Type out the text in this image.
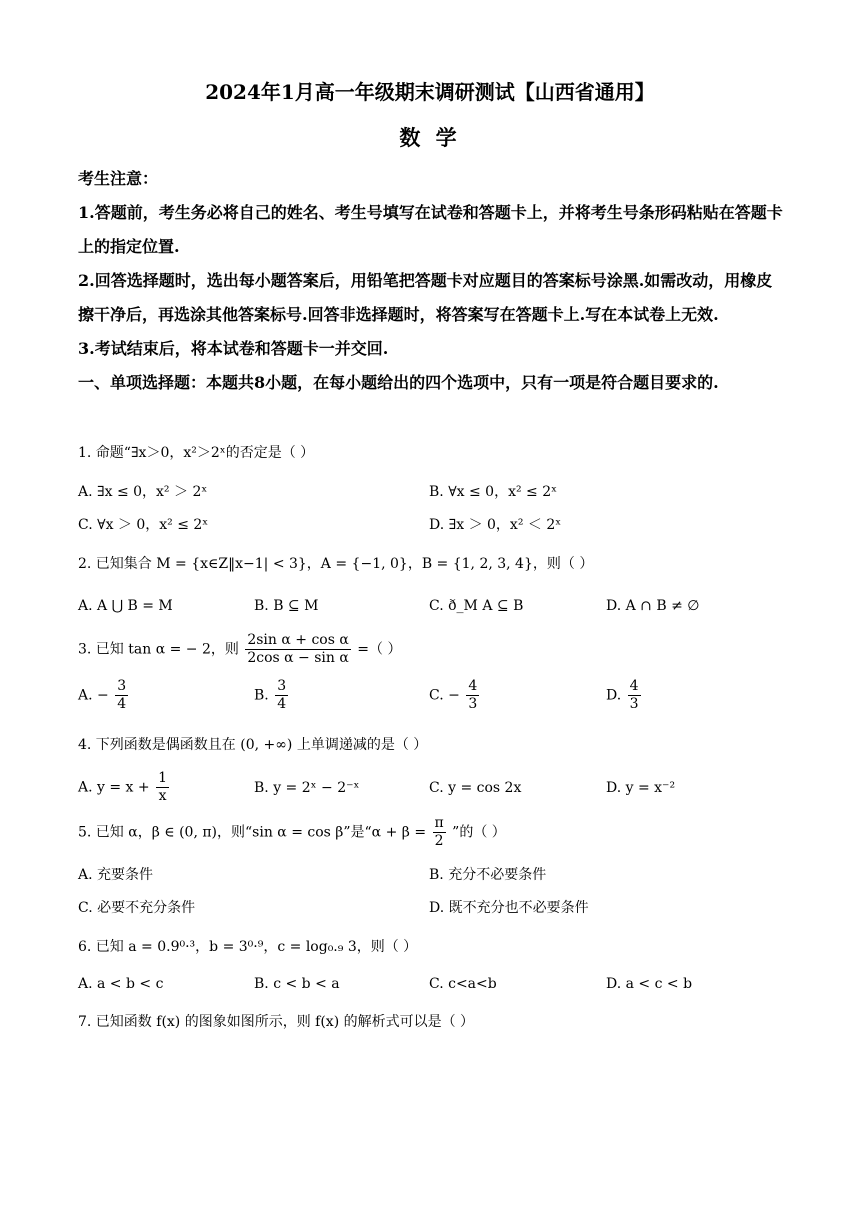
2024年1月高一年级期末调研测试【山西省通用】
数 学

考生注意：

1.答题前，考生务必将自己的姓名、考生号填写在试卷和答题卡上，并将考生号条形码粘贴在答题卡上的指定位置.

2.回答选择题时，选出每小题答案后，用铅笔把答题卡对应题目的答案标号涂黑.如需改动，用橡皮擦干净后，再选涂其他答案标号.回答非选择题时，将答案写在答题卡上.写在本试卷上无效.

3.考试结束后，将本试卷和答题卡一并交回.

一、单项选择题：本题共8小题，在每小题给出的四个选项中，只有一项是符合题目要求的.

1. 命题“∃x＞0，x²＞2ˣ的否定是（ ）
A. ∃x ≤ 0，x² ＞ 2ˣ	B. ∀x ≤ 0，x² ≤ 2ˣ
C. ∀x ＞ 0，x² ≤ 2ˣ	D. ∃x ＞ 0，x² ＜ 2ˣ
2. 已知集合 M = {x∈Z‖x−1| < 3}，A = {−1, 0}，B = {1, 2, 3, 4}，则（ ）
A. A ⋃ B = M	B. B ⊆ M	C. ð_M A ⊆ B	D. A ∩ B ≠ ∅
3. 已知 tan α = − 2，则 $\frac{\text{2sin α + cos α}}{\text{2cos α − sin α}}$ =（ ）
A. − $\frac{3}{4}$	B. $\frac{3}{4}$	C. − $\frac{4}{3}$	D. $\frac{4}{3}$
4. 下列函数是偶函数且在 (0, +∞) 上单调递减的是（ ）
A. $y = x + \frac{1}{x}$	B. y = 2ˣ − 2⁻ˣ	C. y = cos 2x	D. y = x⁻²
5. 已知 α，β ∈ (0, π)，则“sin α = cos β”是“$\alpha + \beta = \frac{\pi}{2}$ ”的（ ）
A. 充要条件	B. 充分不必要条件
C. 必要不充分条件	D. 既不充分也不必要条件
6. 已知 a = 0.9⁰·³，b = 3⁰·⁹，c = log₀.₉ 3，则（ ）
A. a < b < c	B. c < b < a	C. c<a<b	D. a < c < b
7. 已知函数 f(x) 的图象如图所示，则 f(x) 的解析式可以是（ ）
